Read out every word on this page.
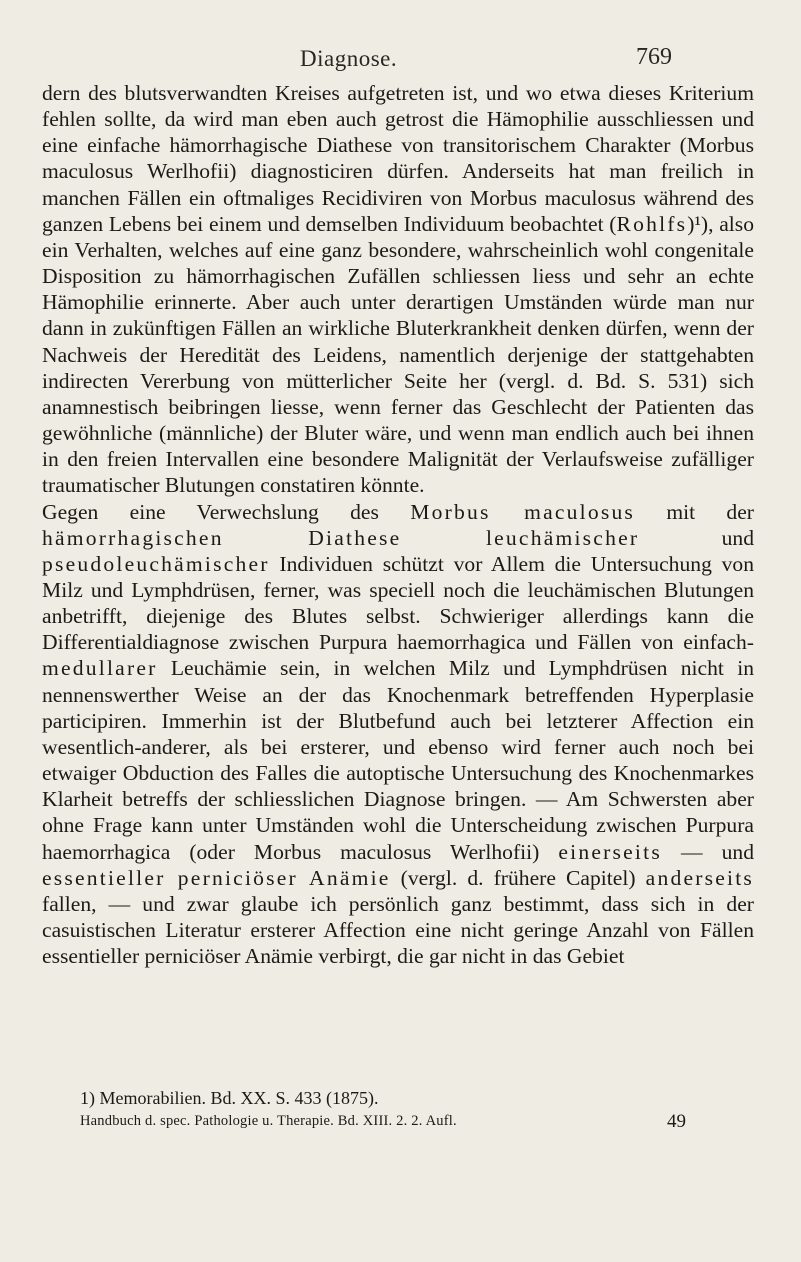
Diagnose.	769

dern des blutsverwandten Kreises aufgetreten ist, und wo etwa dieses Kriterium fehlen sollte, da wird man eben auch getrost die Hämophilie ausschliessen und eine einfache hämorrhagische Diathese von transitorischem Charakter (Morbus maculosus Werlhofii) diagnosticiren dürfen. Anderseits hat man freilich in manchen Fällen ein oftmaliges Recidiviren von Morbus maculosus während des ganzen Lebens bei einem und demselben Individuum beobachtet (Rohlfs)¹), also ein Verhalten, welches auf eine ganz besondere, wahrscheinlich wohl congenitale Disposition zu hämorrhagischen Zufällen schliessen liess und sehr an echte Hämophilie erinnerte. Aber auch unter derartigen Umständen würde man nur dann in zukünftigen Fällen an wirkliche Bluterkrankheit denken dürfen, wenn der Nachweis der Heredität des Leidens, namentlich derjenige der stattgehabten indirecten Vererbung von mütterlicher Seite her (vergl. d. Bd. S. 531) sich anamnestisch beibringen liesse, wenn ferner das Geschlecht der Patienten das gewöhnliche (männliche) der Bluter wäre, und wenn man endlich auch bei ihnen in den freien Intervallen eine besondere Malignität der Verlaufsweise zufälliger traumatischer Blutungen constatiren könnte.

Gegen eine Verwechslung des Morbus maculosus mit der hämorrhagischen Diathese leuchämischer und pseudoleuchämischer Individuen schützt vor Allem die Untersuchung von Milz und Lymphdrüsen, ferner, was speciell noch die leuchämischen Blutungen anbetrifft, diejenige des Blutes selbst. Schwieriger allerdings kann die Differentialdiagnose zwischen Purpura haemorrhagica und Fällen von einfach-medullarer Leuchämie sein, in welchen Milz und Lymphdrüsen nicht in nennenswerther Weise an der das Knochenmark betreffenden Hyperplasie participiren. Immerhin ist der Blutbefund auch bei letzterer Affection ein wesentlich-anderer, als bei ersterer, und ebenso wird ferner auch noch bei etwaiger Obduction des Falles die autoptische Untersuchung des Knochenmarkes Klarheit betreffs der schliesslichen Diagnose bringen. — Am Schwersten aber ohne Frage kann unter Umständen wohl die Unterscheidung zwischen Purpura haemorrhagica (oder Morbus maculosus Werlhofii) einerseits — und essentieller perniciöser Anämie (vergl. d. frühere Capitel) anderseits fallen, — und zwar glaube ich persönlich ganz bestimmt, dass sich in der casuistischen Literatur ersterer Affection eine nicht geringe Anzahl von Fällen essentieller perniciöser Anämie verbirgt, die gar nicht in das Gebiet

1) Memorabilien. Bd. XX. S. 433 (1875).
Handbuch d. spec. Pathologie u. Therapie. Bd. XIII. 2. 2. Aufl.	49
